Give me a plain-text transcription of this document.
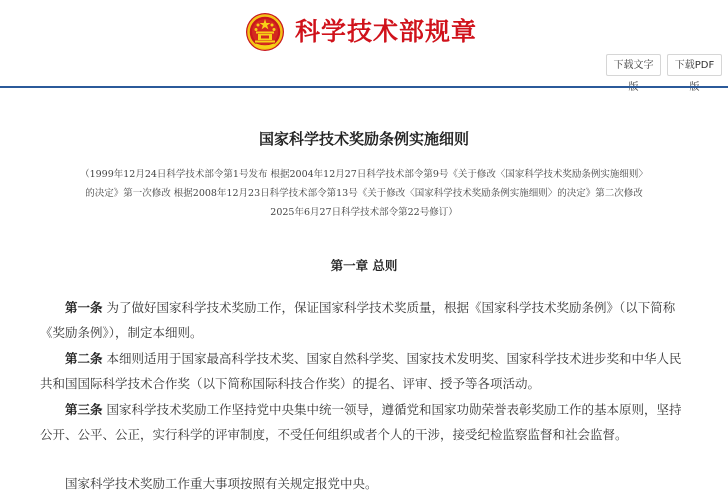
科学技术部规章
下载文字	下载PDF
国家科学技术奖励条例实施细则
（1999年12月24日科学技术部令第1号发布 根据2004年12月27日科学技术部令第9号《关于修改〈国家科学技术奖励条例实施细则〉
的决定》第一次修改 根据2008年12月23日科学技术部令第13号《关于修改〈国家科学技术奖励条例实施细则〉的决定》第二次修改
2025年6月27日科学技术部令第22号修订）
第一章 总则

第一条 为了做好国家科学技术奖励工作，保证国家科学技术奖质量，根据《国家科学技术奖励条例》（以下简称《奖励条例》），制定本细则。

第二条 本细则适用于国家最高科学技术奖、国家自然科学奖、国家技术发明奖、国家科学技术进步奖和中华人民共和国国际科学技术合作奖（以下简称国际科技合作奖）的提名、评审、授予等各项活动。

第三条 国家科学技术奖励工作坚持党中央集中统一领导，遵循党和国家功勋荣誉表彰奖励工作的基本原则，坚持公开、公平、公正，实行科学的评审制度，不受任何组织或者个人的干涉，接受纪检监察监督和社会监督。

国家科学技术奖励工作重大事项按照有关规定报党中央。
